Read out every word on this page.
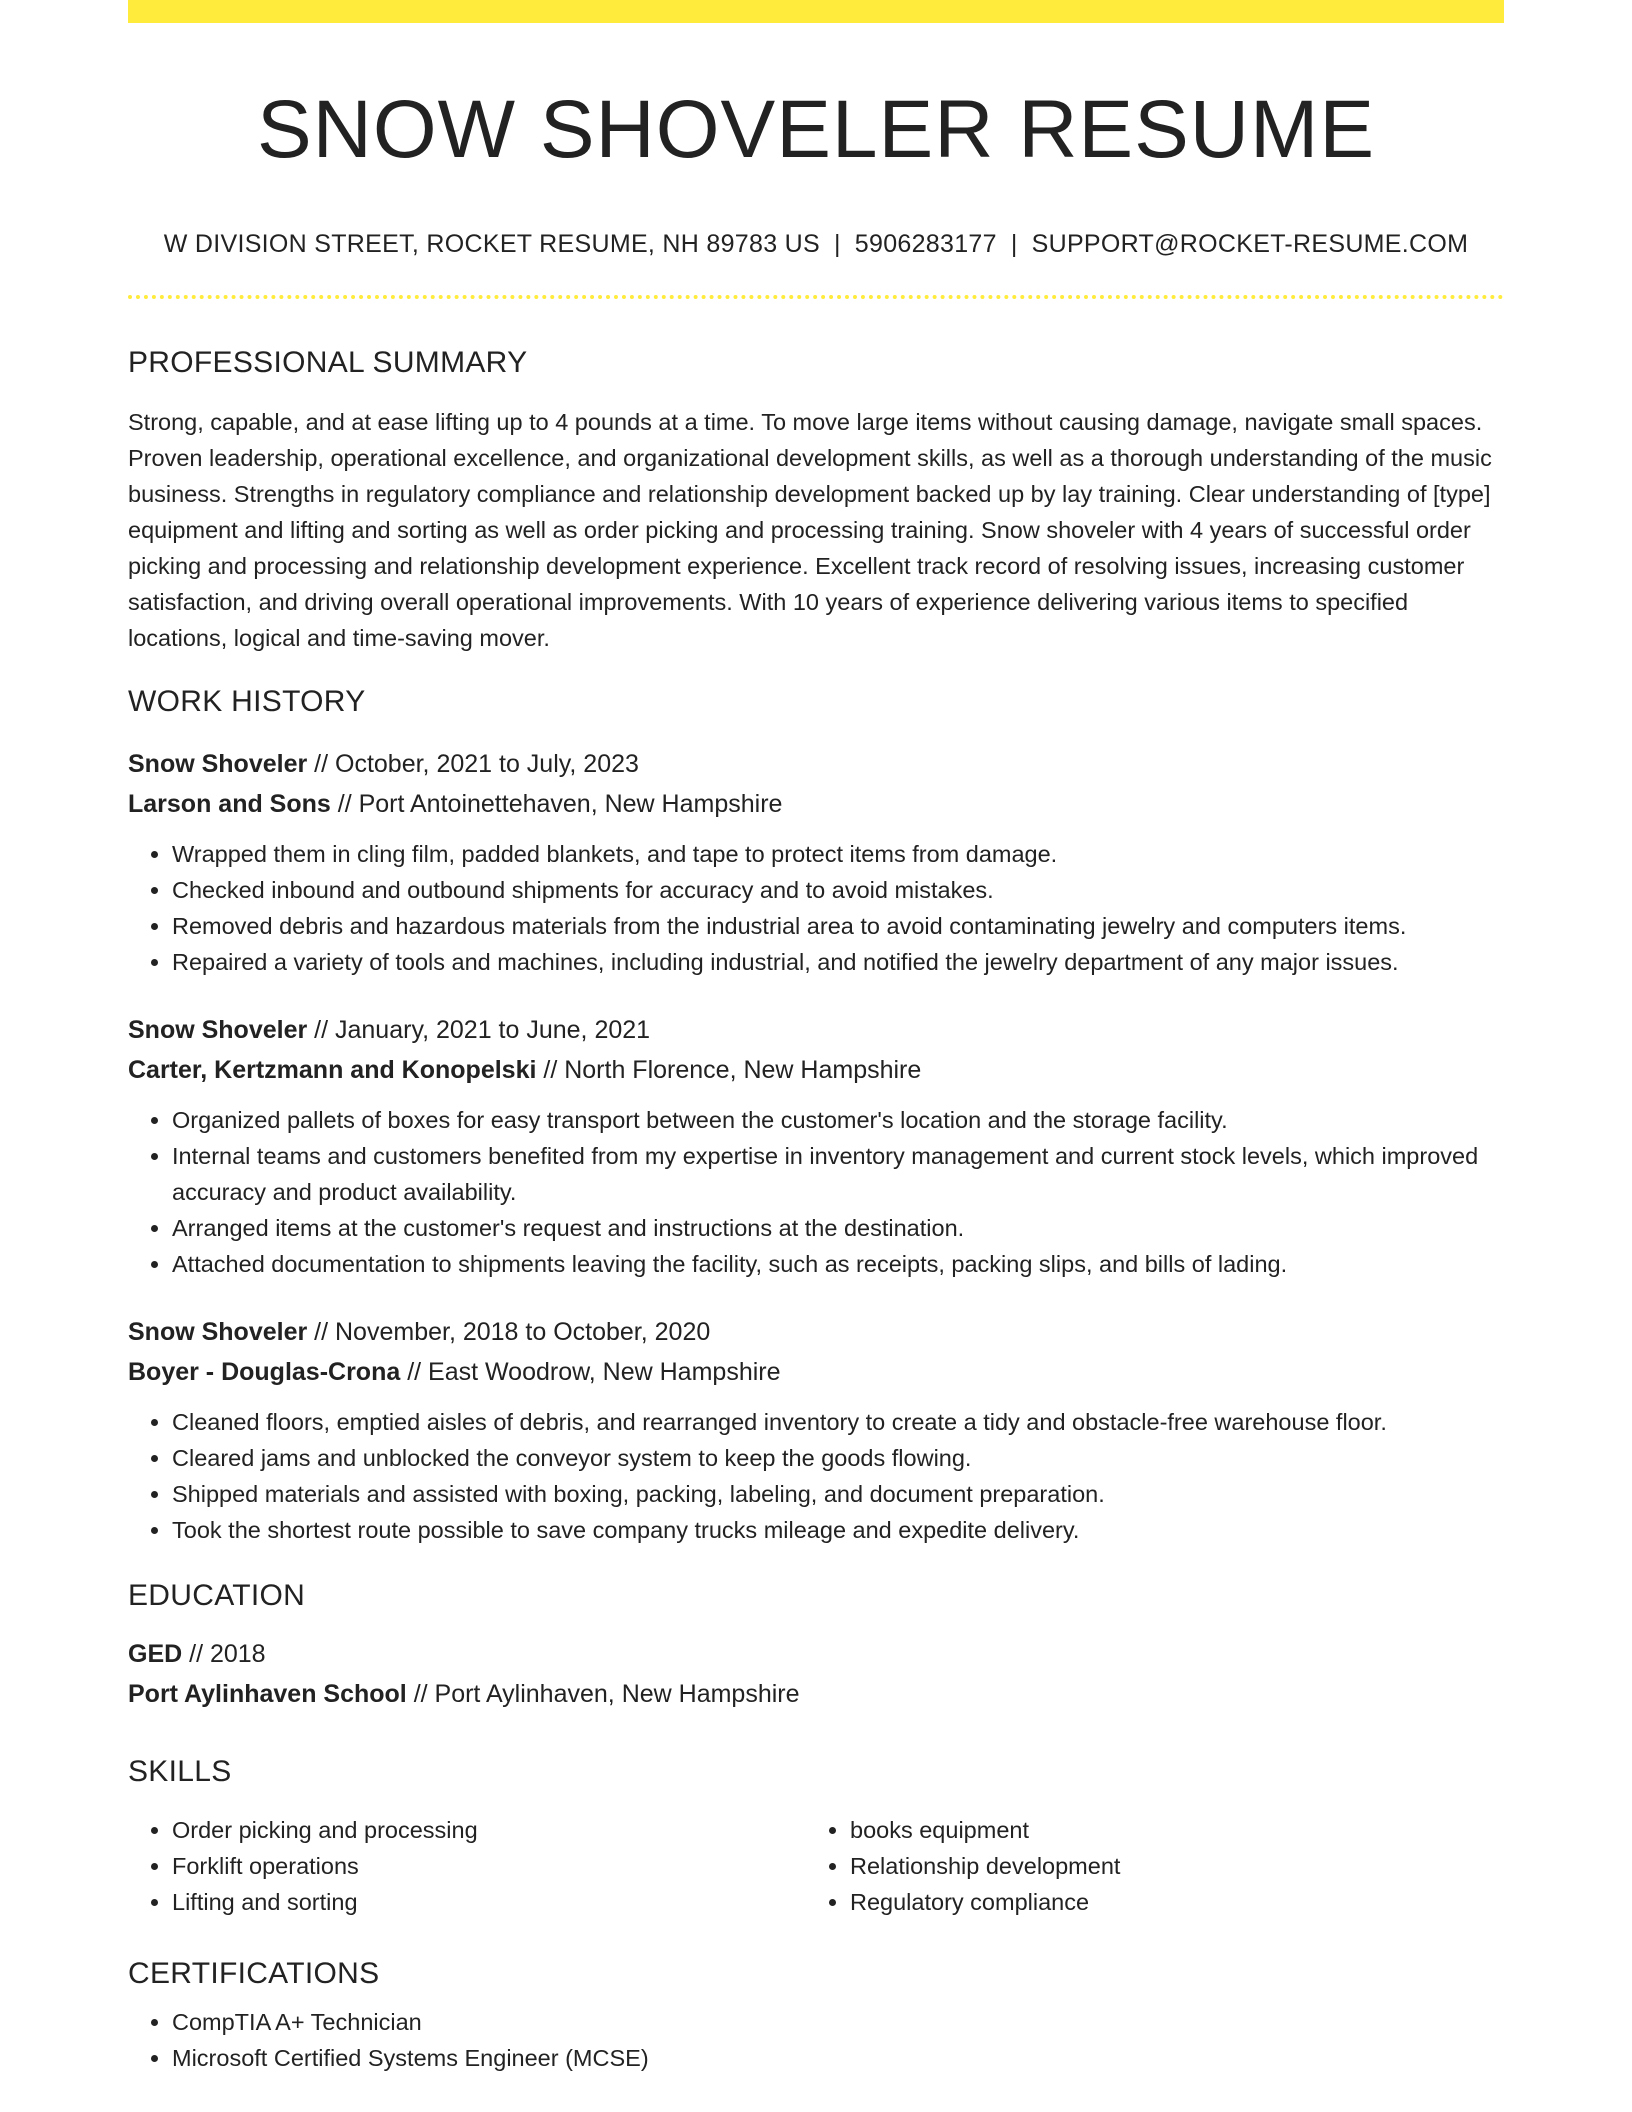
SNOW SHOVELER RESUME
W DIVISION STREET, ROCKET RESUME, NH 89783 US | 5906283177 | SUPPORT@ROCKET-RESUME.COM
PROFESSIONAL SUMMARY

Strong, capable, and at ease lifting up to 4 pounds at a time. To move large items without causing damage, navigate small spaces. Proven leadership, operational excellence, and organizational development skills, as well as a thorough understanding of the music business. Strengths in regulatory compliance and relationship development backed up by lay training. Clear understanding of [type] equipment and lifting and sorting as well as order picking and processing training. Snow shoveler with 4 years of successful order picking and processing and relationship development experience. Excellent track record of resolving issues, increasing customer satisfaction, and driving overall operational improvements. With 10 years of experience delivering various items to specified locations, logical and time-saving mover.

WORK HISTORY
Snow Shoveler // October, 2021 to July, 2023
Larson and Sons // Port Antoinettehaven, New Hampshire
• Wrapped them in cling film, padded blankets, and tape to protect items from damage.
• Checked inbound and outbound shipments for accuracy and to avoid mistakes.
• Removed debris and hazardous materials from the industrial area to avoid contaminating jewelry and computers items.
• Repaired a variety of tools and machines, including industrial, and notified the jewelry department of any major issues.
Snow Shoveler // January, 2021 to June, 2021
Carter, Kertzmann and Konopelski // North Florence, New Hampshire
• Organized pallets of boxes for easy transport between the customer's location and the storage facility.
• Internal teams and customers benefited from my expertise in inventory management and current stock levels, which improved accuracy and product availability.
• Arranged items at the customer's request and instructions at the destination.
• Attached documentation to shipments leaving the facility, such as receipts, packing slips, and bills of lading.
Snow Shoveler // November, 2018 to October, 2020
Boyer - Douglas-Crona // East Woodrow, New Hampshire
• Cleaned floors, emptied aisles of debris, and rearranged inventory to create a tidy and obstacle-free warehouse floor.
• Cleared jams and unblocked the conveyor system to keep the goods flowing.
• Shipped materials and assisted with boxing, packing, labeling, and document preparation.
• Took the shortest route possible to save company trucks mileage and expedite delivery.
EDUCATION
GED // 2018
Port Aylinhaven School // Port Aylinhaven, New Hampshire
SKILLS
• Order picking and processing
• Forklift operations
• Lifting and sorting
• books equipment
• Relationship development
• Regulatory compliance
CERTIFICATIONS
• CompTIA A+ Technician
• Microsoft Certified Systems Engineer (MCSE)
